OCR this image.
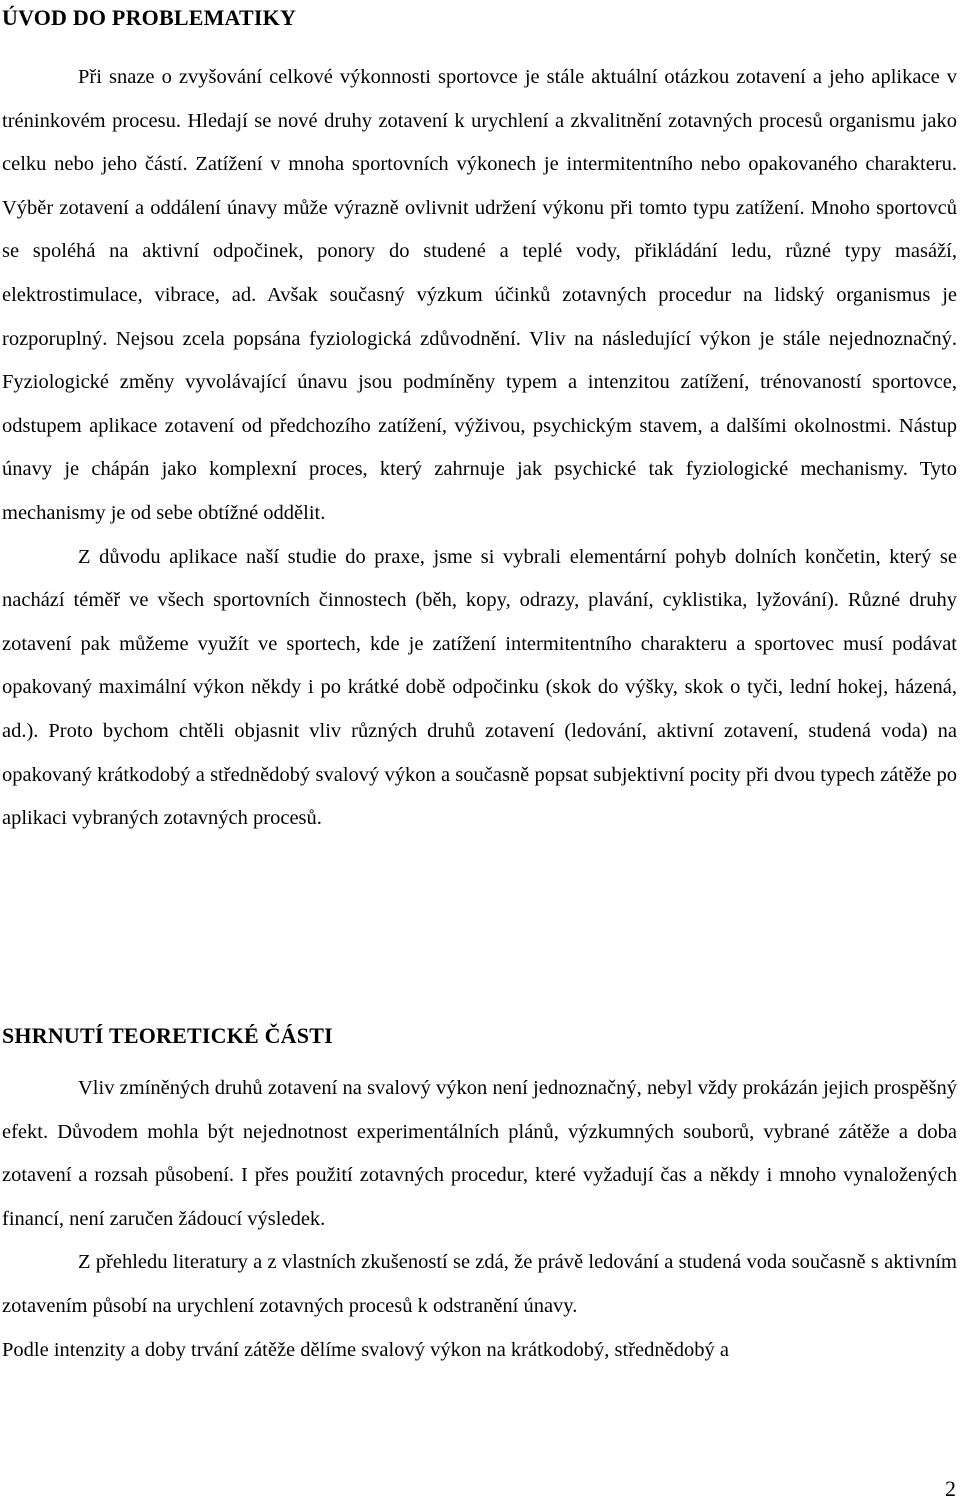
ÚVOD DO PROBLEMATIKY

Při snaze o zvyšování celkové výkonnosti sportovce je stále aktuální otázkou zotavení a jeho aplikace v tréninkovém procesu. Hledají se nové druhy zotavení k urychlení a zkvalitnění zotavných procesů organismu jako celku nebo jeho částí. Zatížení v mnoha sportovních výkonech je intermitentního nebo opakovaného charakteru. Výběr zotavení a oddálení únavy může výrazně ovlivnit udržení výkonu při tomto typu zatížení. Mnoho sportovců se spoléhá na aktivní odpočinek, ponory do studené a teplé vody, přikládání ledu, různé typy masáží, elektrostimulace, vibrace, ad. Avšak současný výzkum účinků zotavných procedur na lidský organismus je rozporuplný. Nejsou zcela popsána fyziologická zdůvodnění. Vliv na následující výkon je stále nejednoznačný. Fyziologické změny vyvolávající únavu jsou podmíněny typem a intenzitou zatížení, trénovaností sportovce, odstupem aplikace zotavení od předchozího zatížení, výživou, psychickým stavem, a dalšími okolnostmi. Nástup únavy je chápán jako komplexní proces, který zahrnuje jak psychické tak fyziologické mechanismy. Tyto mechanismy je od sebe obtížné oddělit.

Z důvodu aplikace naší studie do praxe, jsme si vybrali elementární pohyb dolních končetin, který se nachází téměř ve všech sportovních činnostech (běh, kopy, odrazy, plavání, cyklistika, lyžování). Různé druhy zotavení pak můžeme využít ve sportech, kde je zatížení intermitentního charakteru a sportovec musí podávat opakovaný maximální výkon někdy i po krátké době odpočinku (skok do výšky, skok o tyči, lední hokej, házená, ad.). Proto bychom chtěli objasnit vliv různých druhů zotavení (ledování, aktivní zotavení, studená voda) na opakovaný krátkodobý a střednědobý svalový výkon a současně popsat subjektivní pocity při dvou typech zátěže po aplikaci vybraných zotavných procesů.

SHRNUTÍ TEORETICKÉ ČÁSTI

Vliv zmíněných druhů zotavení na svalový výkon není jednoznačný, nebyl vždy prokázán jejich prospěšný efekt. Důvodem mohla být nejednotnost experimentálních plánů, výzkumných souborů, vybrané zátěže a doba zotavení a rozsah působení. I přes použití zotavných procedur, které vyžadují čas a někdy i mnoho vynaložených financí, není zaručen žádoucí výsledek.

Z přehledu literatury a z vlastních zkušeností se zdá, že právě ledování a studená voda současně s aktivním zotavením působí na urychlení zotavných procesů k odstranění únavy.

Podle intenzity a doby trvání zátěže dělíme svalový výkon na krátkodobý, střednědobý a

2
